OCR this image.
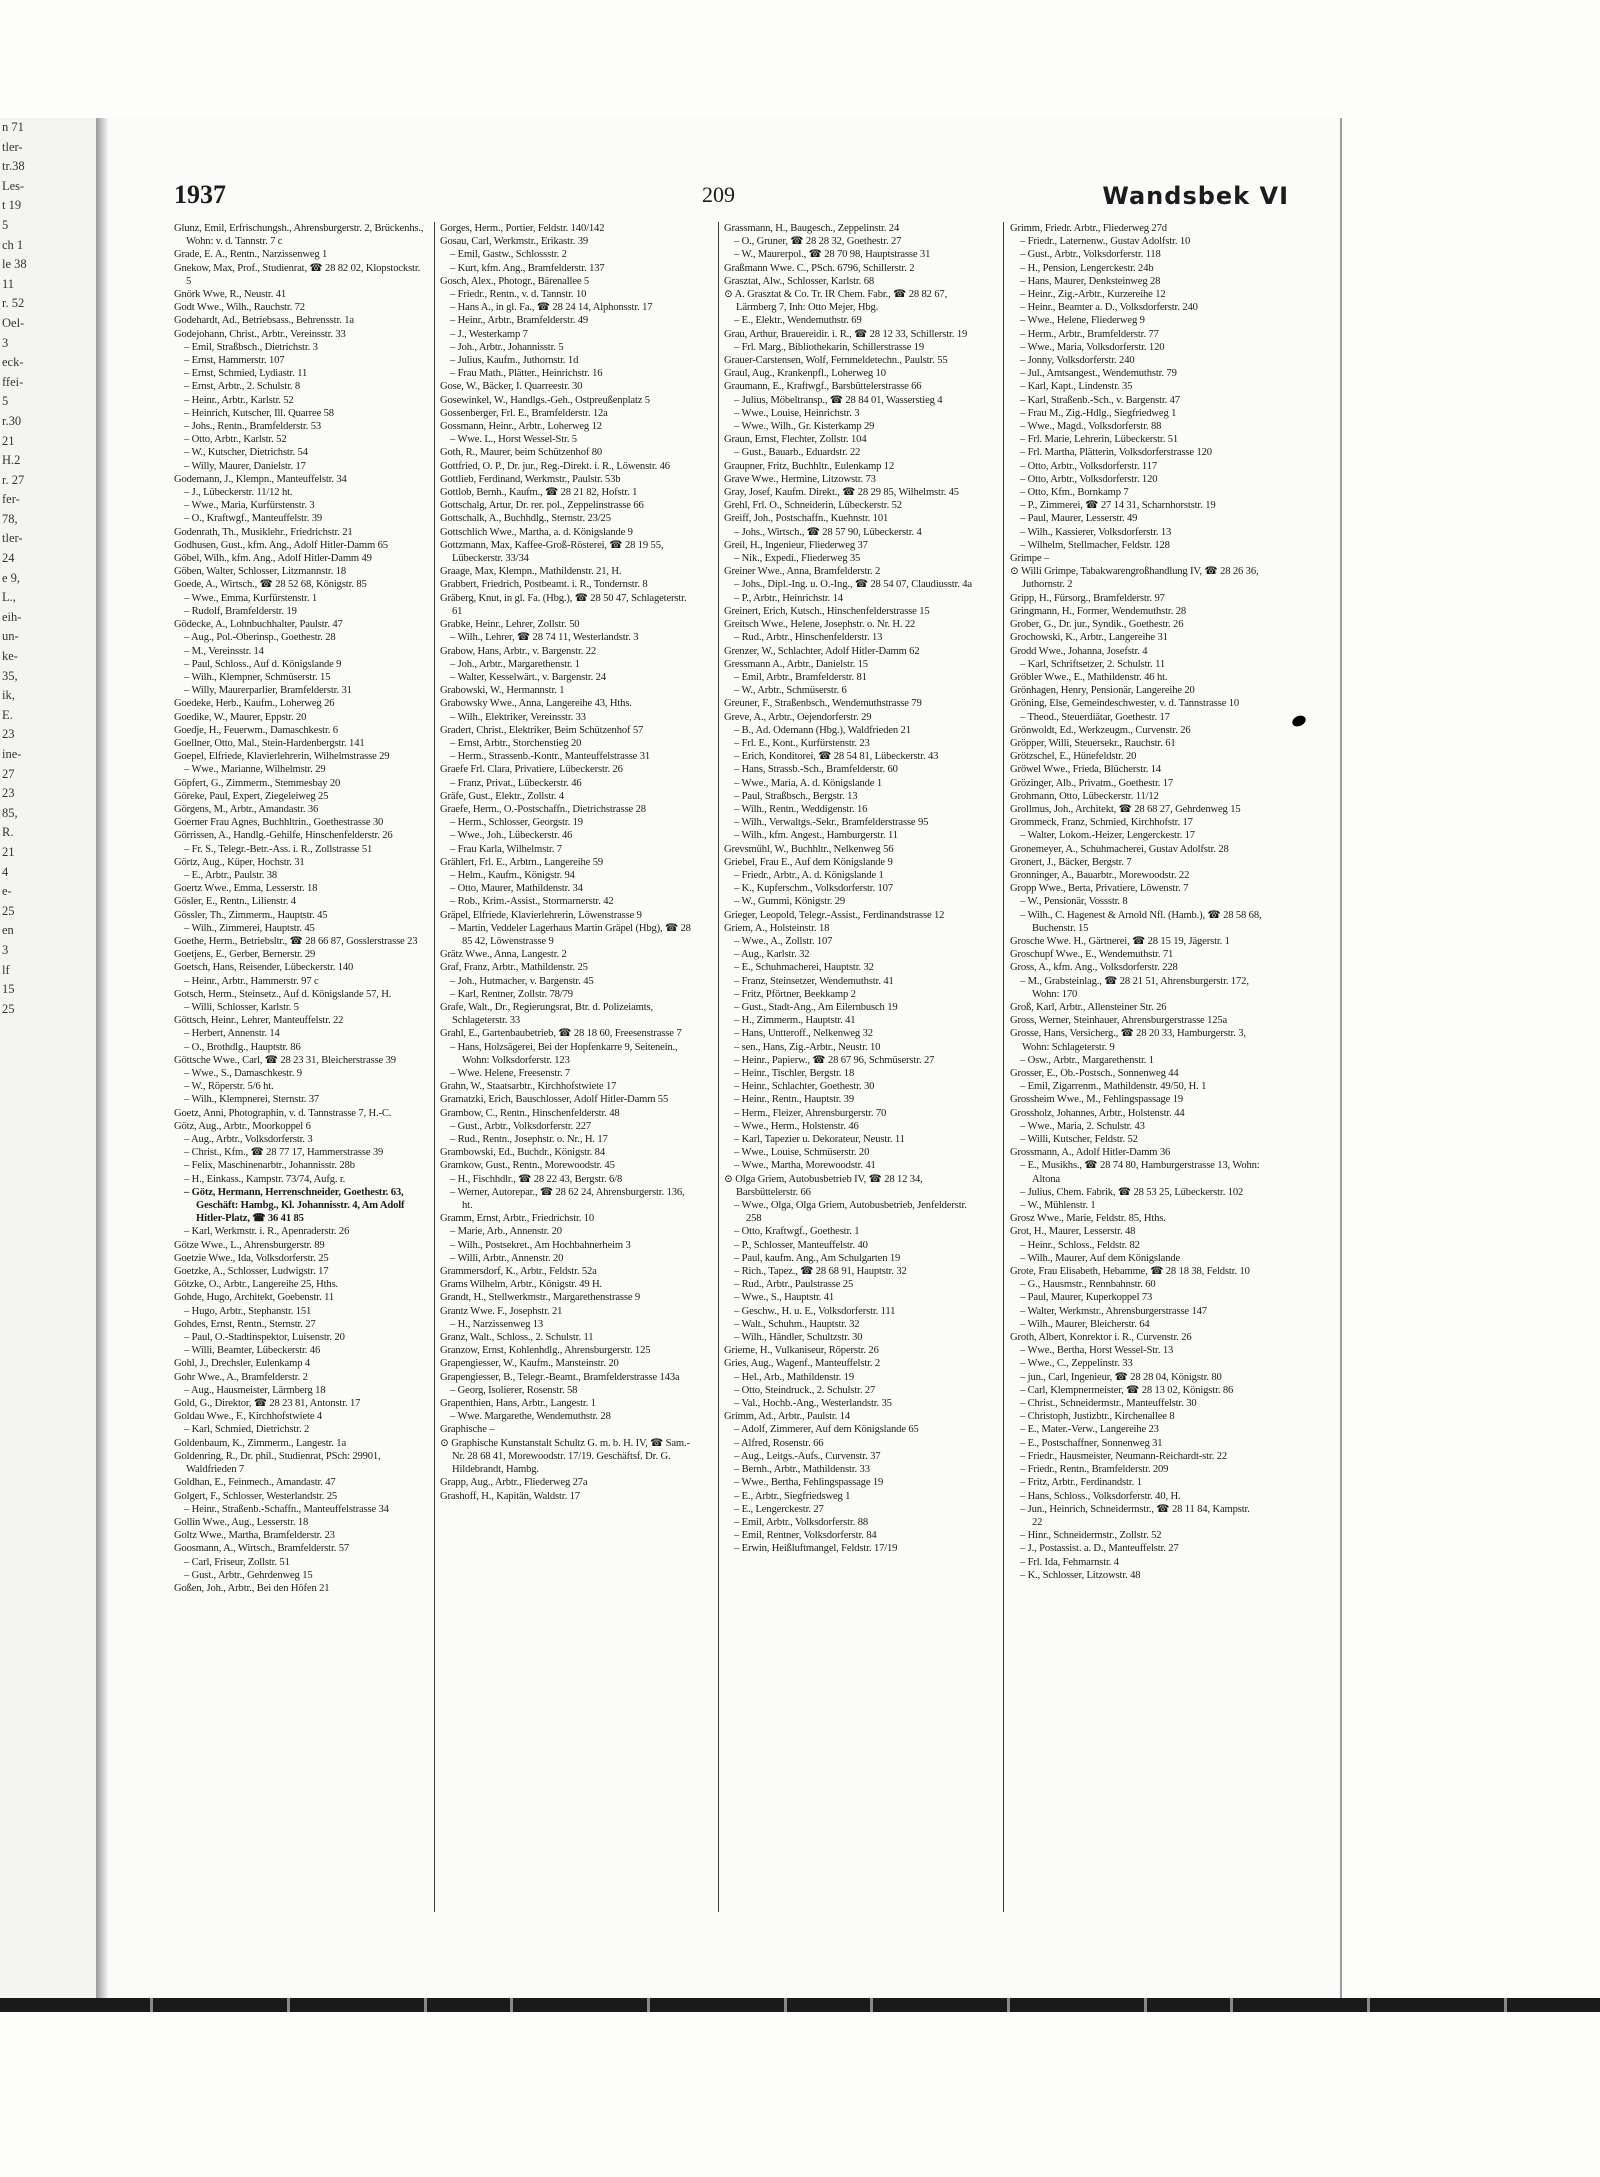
n 71
tler-
tr.38
Les-
t 19
5
ch 1
le 38
11
r. 52
Oel-
3
eck-
ffei-
5
r.30
21
H.2
r. 27
fer-
78,
tler-
24
e 9,
L.,
eih-
un-
ke-
35,
ik,
E.
23
ine-
27
23
85,
R.
21
4
e-
25
en
3
lf
15
25
1937	209	Wandsbek VI

Glunz, Emil, Erfrischungsh., Ahrensburgerstr. 2, Brückenhs., Wohn: v. d. Tannstr. 7 c

Grade, E. A., Rentn., Narzissenweg 1

Gnekow, Max, Prof., Studienrat, ☎ 28 82 02, Klopstockstr. 5

Gnörk Wwe, R., Neustr. 41

Godt Wwe., Wilh., Rauchstr. 72

Godehardt, Ad., Betriebsass., Behrensstr. 1a

Godejohann, Christ., Arbtr., Vereinsstr. 33

– Emil, Straßbsch., Dietrichstr. 3

– Ernst, Hammerstr. 107

– Ernst, Schmied, Lydiastr. 11

– Ernst, Arbtr., 2. Schulstr. 8

– Heinr., Arbtr., Karlstr. 52

– Heinrich, Kutscher, Ill. Quarree 58

– Johs., Rentn., Bramfelderstr. 53

– Otto, Arbtr., Karlstr. 52

– W., Kutscher, Dietrichstr. 54

– Willy, Maurer, Danielstr. 17

Godemann, J., Klempn., Manteuffelstr. 34

– J., Lübeckerstr. 11/12 ht.

– Wwe., Maria, Kurfürstenstr. 3

– O., Kraftwgf., Manteuffelstr. 39

Godenrath, Th., Musiklehr., Friedrichstr. 21

Godhusen, Gust., kfm. Ang., Adolf Hitler-Damm 65

Göbel, Wilh., kfm. Ang., Adolf Hitler-Damm 49

Göben, Walter, Schlosser, Litzmannstr. 18

Goede, A., Wirtsch., ☎ 28 52 68, Königstr. 85

– Wwe., Emma, Kurfürstenstr. 1

– Rudolf, Bramfelderstr. 19

Gödecke, A., Lohnbuchhalter, Paulstr. 47

– Aug., Pol.-Oberinsp., Goethestr. 28

– M., Vereinsstr. 14

– Paul, Schloss., Auf d. Königslande 9

– Wilh., Klempner, Schmüserstr. 15

– Willy, Maurerparlier, Bramfelderstr. 31

Goedeke, Herb., Kaufm., Loherweg 26

Goedike, W., Maurer, Eppstr. 20

Goedje, H., Feuerwm., Damaschkestr. 6

Goellner, Otto, Mal., Stein-Hardenbergstr. 141

Goepel, Elfriede, Klavierlehrerin, Wilhelmstrasse 29

– Wwe., Marianne, Wilhelmstr. 29

Göpfert, G., Zimmerm., Stemmesbay 20

Göreke, Paul, Expert, Ziegeleiweg 25

Görgens, M., Arbtr., Amandastr. 36

Goerner Frau Agnes, Buchhltrin., Goethestrasse 30

Görrissen, A., Handlg.-Gehilfe, Hinschenfelderstr. 26

– Fr. S., Telegr.-Betr.-Ass. i. R., Zollstrasse 51

Görtz, Aug., Küper, Hochstr. 31

– E., Arbtr., Paulstr. 38

Goertz Wwe., Emma, Lesserstr. 18

Gösler, E., Rentn., Lilienstr. 4

Gössler, Th., Zimmerm., Hauptstr. 45

– Wilh., Zimmerei, Hauptstr. 45

Goethe, Herm., Betriebsltr., ☎ 28 66 87, Gosslerstrasse 23

Goetjens, E., Gerber, Bernerstr. 29

Goetsch, Hans, Reisender, Lübeckerstr. 140

– Heinr., Arbtr., Hammerstr. 97 c

Gotsch, Herm., Steinsetz., Auf d. Königslande 57, H.

– Willi, Schlosser, Karlstr. 5

Göttsch, Heinr., Lehrer, Manteuffelstr. 22

– Herbert, Annenstr. 14

– O., Brothdlg., Hauptstr. 86

Göttsche Wwe., Carl, ☎ 28 23 31, Bleicherstrasse 39

– Wwe., S., Damaschkestr. 9

– W., Röperstr. 5/6 ht.

– Wilh., Klempnerei, Sternstr. 37

Goetz, Anni, Photographin, v. d. Tannstrasse 7, H.-C.

Götz, Aug., Arbtr., Moorkoppel 6

– Aug., Arbtr., Volksdorferstr. 3

– Christ., Kfm., ☎ 28 77 17, Hammerstrasse 39

– Felix, Maschinenarbtr., Johannisstr. 28b

– H., Einkass., Kampstr. 73/74, Aufg. r.

– Götz, Hermann, Herrenschneider, Goethestr. 63, Geschäft: Hambg., Kl. Johannisstr. 4, Am Adolf Hitler-Platz, ☎ 36 41 85

– Karl, Werkmstr. i. R., Apenraderstr. 26

Götze Wwe., L., Ahrensburgerstr. 89

Goetzie Wwe., Ida, Volksdorferstr. 25

Goetzke, A., Schlosser, Ludwigstr. 17

Götzke, O., Arbtr., Langereihe 25, Hths.

Gohde, Hugo, Architekt, Goebenstr. 11

– Hugo, Arbtr., Stephanstr. 151

Gohdes, Ernst, Rentn., Sternstr. 27

– Paul, O.-Stadtinspektor, Luisenstr. 20

– Willi, Beamter, Lübeckerstr. 46

Gohl, J., Drechsler, Eulenkamp 4

Gohr Wwe., A., Bramfelderstr. 2

– Aug., Hausmeister, Lärmberg 18

Gold, G., Direktor, ☎ 28 23 81, Antonstr. 17

Goldau Wwe., F., Kirchhofstwiete 4

– Karl, Schmied, Dietrichstr. 2

Goldenbaum, K., Zimmerm., Langestr. 1a

Goldenring, R., Dr. phil., Studienrat, PSch: 29901, Waldfrieden 7

Goldhan, E., Feinmech., Amandastr. 47

Golgert, F., Schlosser, Westerlandstr. 25

– Heinr., Straßenb.-Schaffn., Manteuffelstrasse 34

Gollin Wwe., Aug., Lesserstr. 18

Goltz Wwe., Martha, Bramfelderstr. 23

Goosmann, A., Wirtsch., Bramfelderstr. 57

– Carl, Friseur, Zollstr. 51

– Gust., Arbtr., Gehrdenweg 15

Goßen, Joh., Arbtr., Bei den Höfen 21

Gorges, Herm., Portier, Feldstr. 140/142

Gosau, Carl, Werkmstr., Erikastr. 39

– Emil, Gastw., Schlossstr. 2

– Kurt, kfm. Ang., Bramfelderstr. 137

Gosch, Alex., Photogr., Bärenallee 5

– Friedr., Rentn., v. d. Tannstr. 10

– Hans A., in gl. Fa., ☎ 28 24 14, Alphonsstr. 17

– Heinr., Arbtr., Bramfelderstr. 49

– J., Westerkamp 7

– Joh., Arbtr., Johannisstr. 5

– Julius, Kaufm., Juthornstr. 1d

– Frau Math., Plätter., Heinrichstr. 16

Gose, W., Bäcker, I. Quarreestr. 30

Gosewinkel, W., Handlgs.-Geh., Ostpreußenplatz 5

Gossenberger, Frl. E., Bramfelderstr. 12a

Gossmann, Heinr., Arbtr., Loherweg 12

– Wwe. L., Horst Wessel-Str. 5

Goth, R., Maurer, beim Schützenhof 80

Gottfried, O. P., Dr. jur., Reg.-Direkt. i. R., Löwenstr. 46

Gottlieb, Ferdinand, Werkmstr., Paulstr. 53b

Gottlob, Bernh., Kaufm., ☎ 28 21 82, Hofstr. 1

Gottschalg, Artur, Dr. rer. pol., Zeppelinstrasse 66

Gottschalk, A., Buchhdlg., Sternstr. 23/25

Gottschlich Wwe., Martha, a. d. Königslande 9

Gottzmann, Max, Kaffee-Groß-Rösterei, ☎ 28 19 55, Lübeckerstr. 33/34

Graage, Max, Klempn., Mathildenstr. 21, H.

Grabbert, Friedrich, Postbeamt. i. R., Tondernstr. 8

Gräberg, Knut, in gl. Fa. (Hbg.), ☎ 28 50 47, Schlageterstr. 61

Grabke, Heinr., Lehrer, Zollstr. 50

– Wilh., Lehrer, ☎ 28 74 11, Westerlandstr. 3

Grabow, Hans, Arbtr., v. Bargenstr. 22

– Joh., Arbtr., Margarethenstr. 1

– Walter, Kesselwärt., v. Bargenstr. 24

Grabowski, W., Hermannstr. 1

Grabowsky Wwe., Anna, Langereihe 43, Hths.

– Wilh., Elektriker, Vereinsstr. 33

Gradert, Christ., Elektriker, Beim Schützenhof 57

– Ernst, Arbtr., Storchenstieg 20

– Herm., Strassenb.-Kontr., Manteuffelstrasse 31

Graefe Frl. Clara, Privatiere, Lübeckerstr. 26

– Franz, Privat., Lübeckerstr. 46

Gräfe, Gust., Elektr., Zollstr. 4

Graefe, Herm., O.-Postschaffn., Dietrichstrasse 28

– Herm., Schlosser, Georgstr. 19

– Wwe., Joh., Lübeckerstr. 46

– Frau Karla, Wilhelmstr. 7

Grählert, Frl. E., Arbtrn., Langereihe 59

– Helm., Kaufm., Königstr. 94

– Otto, Maurer, Mathildenstr. 34

– Rob., Krim.-Assist., Stormarnerstr. 42

Gräpel, Elfriede, Klavierlehrerin, Löwenstrasse 9

– Martin, Veddeler Lagerhaus Martin Gräpel (Hbg), ☎ 28 85 42, Löwenstrasse 9

Grätz Wwe., Anna, Langestr. 2

Graf, Franz, Arbtr., Mathildenstr. 25

– Joh., Hutmacher, v. Bargenstr. 45

– Karl, Rentner, Zollstr. 78/79

Grafe, Walt., Dr., Regierungsrat, Btr. d. Polizeiamts, Schlageterstr. 33

Grahl, E., Gartenbaubetrieb, ☎ 28 18 60, Freesenstrasse 7

– Hans, Holzsägerei, Bei der Hopfenkarre 9, Seitenein., Wohn: Volksdorferstr. 123

– Wwe. Helene, Freesenstr. 7

Grahn, W., Staatsarbtr., Kirchhofstwiete 17

Gramatzki, Erich, Bauschlosser, Adolf Hitler-Damm 55

Grambow, C., Rentn., Hinschenfelderstr. 48

– Gust., Arbtr., Volksdorferstr. 227

– Rud., Rentn., Josephstr. o. Nr., H. 17

Grambowski, Ed., Buchdr., Königstr. 84

Gramkow, Gust., Rentn., Morewoodstr. 45

– H., Fischhdlr., ☎ 28 22 43, Bergstr. 6/8

– Werner, Autorepar., ☎ 28 62 24, Ahrensburgerstr. 136, ht.

Gramm, Ernst, Arbtr., Friedrichstr. 10

– Marie, Arb., Annenstr. 20

– Wilh., Postsekret., Am Hochbahnerheim 3

– Willi, Arbtr., Annenstr. 20

Grammersdorf, K., Arbtr., Feldstr. 52a

Grams Wilhelm, Arbtr., Königstr. 49 H.

Grandt, H., Stellwerkmstr., Margarethenstrasse 9

Grantz Wwe. F., Josephstr. 21

– H., Narzissenweg 13

Granz, Walt., Schloss., 2. Schulstr. 11

Granzow, Ernst, Kohlenhdlg., Ahrensburgerstr. 125

Grapengiesser, W., Kaufm., Mansteinstr. 20

Grapengiesser, B., Telegr.-Beamt., Bramfelderstrasse 143a

– Georg, Isolierer, Rosenstr. 58

Grapenthien, Hans, Arbtr., Langestr. 1

– Wwe. Margarethe, Wendemuthstr. 28

Graphische –

⊙ Graphische Kunstanstalt Schultz G. m. b. H. IV, ☎ Sam.-Nr. 28 68 41, Morewoodstr. 17/19. Geschäftsf. Dr. G. Hildebrandt, Hambg.

Grapp, Aug., Arbtr., Fliederweg 27a

Grashoff, H., Kapitän, Waldstr. 17

Grassmann, H., Baugesch., Zeppelinstr. 24

– O., Gruner, ☎ 28 28 32, Goethestr. 27

– W., Maurerpol., ☎ 28 70 98, Hauptstrasse 31

Graßmann Wwe. C., PSch. 6796, Schillerstr. 2

Grasztat, Alw., Schlosser, Karlstr. 68

⊙ A. Grasztat & Co. Tr. IR Chem. Fabr., ☎ 28 82 67, Lärmberg 7, Inh: Otto Mejer, Hbg.

– E., Elektr., Wendemuthstr. 69

Grau, Arthur, Brauereidir. i. R., ☎ 28 12 33, Schillerstr. 19

– Frl. Marg., Bibliothekarin, Schillerstrasse 19

Grauer-Carstensen, Wolf, Fernmeldetechn., Paulstr. 55

Graul, Aug., Krankenpfl., Loherweg 10

Graumann, E., Kraftwgf., Barsbüttelerstrasse 66

– Julius, Möbeltransp., ☎ 28 84 01, Wasserstieg 4

– Wwe., Louise, Heinrichstr. 3

– Wwe., Wilh., Gr. Kisterkamp 29

Graun, Ernst, Flechter, Zollstr. 104

– Gust., Bauarb., Eduardstr. 22

Graupner, Fritz, Buchhltr., Eulenkamp 12

Grave Wwe., Hermine, Litzowstr. 73

Gray, Josef, Kaufm. Direkt., ☎ 28 29 85, Wilhelmstr. 45

Grehl, Frl. O., Schneiderin, Lübeckerstr. 52

Greiff, Joh., Postschaffn., Kuehnstr. 101

– Johs., Wirtsch., ☎ 28 57 90, Lübeckerstr. 4

Greil, H., Ingenieur, Fliederweg 37

– Nik., Expedi., Fliederweg 35

Greiner Wwe., Anna, Bramfelderstr. 2

– Johs., Dipl.-Ing. u. O.-Ing., ☎ 28 54 07, Claudiusstr. 4a

– P., Arbtr., Heinrichstr. 14

Greinert, Erich, Kutsch., Hinschenfelderstrasse 15

Greitsch Wwe., Helene, Josephstr. o. Nr. H. 22

– Rud., Arbtr., Hinschenfelderstr. 13

Grenzer, W., Schlachter, Adolf Hitler-Damm 62

Gressmann A., Arbtr., Danielstr. 15

– Emil, Arbtr., Bramfelderstr. 81

– W., Arbtr., Schmüserstr. 6

Greuner, F., Straßenbsch., Wendemuthstrasse 79

Greve, A., Arbtr., Oejendorferstr. 29

– B., Ad. Odemann (Hbg.), Waldfrieden 21

– Frl. E., Kont., Kurfürstenstr. 23

– Erich, Konditorei, ☎ 28 54 81, Lübeckerstr. 43

– Hans, Strassb.-Sch., Bramfelderstr. 60

– Wwe., Maria, A. d. Königslande 1

– Paul, Straßbsch., Bergstr. 13

– Wilh., Rentn., Weddigenstr. 16

– Wilh., Verwaltgs.-Sekr., Bramfelderstrasse 95

– Wilh., kfm. Angest., Hamburgerstr. 11

Grevsmühl, W., Buchhltr., Nelkenweg 56

Griebel, Frau E., Auf dem Königslande 9

– Friedr., Arbtr., A. d. Königslande 1

– K., Kupferschm., Volksdorferstr. 107

– W., Gummi, Königstr. 29

Grieger, Leopold, Telegr.-Assist., Ferdinandstrasse 12

Griem, A., Holsteinstr. 18

– Wwe., A., Zollstr. 107

– Aug., Karlstr. 32

– E., Schuhmacherei, Hauptstr. 32

– Franz, Steinsetzer, Wendemuthstr. 41

– Fritz, Pförtner, Beekkamp 2

– Gust., Stadt-Ang., Am Eilernbusch 19

– H., Zimmerm., Hauptstr. 41

– Hans, Untteroff., Nelkenweg 32

– sen., Hans, Zig.-Arbtr., Neustr. 10

– Heinr., Papierw., ☎ 28 67 96, Schmüserstr. 27

– Heinr., Tischler, Bergstr. 18

– Heinr., Schlachter, Goethestr. 30

– Heinr., Rentn., Hauptstr. 39

– Herm., Fleizer, Ahrensburgerstr. 70

– Wwe., Herm., Holstenstr. 46

– Karl, Tapezier u. Dekorateur, Neustr. 11

– Wwe., Louise, Schmüserstr. 20

– Wwe., Martha, Morewoodstr. 41

⊙ Olga Griem, Autobusbetrieb IV, ☎ 28 12 34, Barsbüttelerstr. 66

– Wwe., Olga, Olga Griem, Autobusbetrieb, Jenfelderstr. 258

– Otto, Kraftwgf., Goethestr. 1

– P., Schlosser, Manteuffelstr. 40

– Paul, kaufm. Ang., Am Schulgarten 19

– Rich., Tapez., ☎ 28 68 91, Hauptstr. 32

– Rud., Arbtr., Paulstrasse 25

– Wwe., S., Hauptstr. 41

– Geschw., H. u. E., Volksdorferstr. 111

– Walt., Schuhm., Hauptstr. 32

– Wilh., Händler, Schultzstr. 30

Grieme, H., Vulkaniseur, Röperstr. 26

Gries, Aug., Wagenf., Manteuffelstr. 2

– Hel., Arb., Mathildenstr. 19

– Otto, Steindruck., 2. Schulstr. 27

– Val., Hochb.-Ang., Westerlandstr. 35

Grimm, Ad., Arbtr., Paulstr. 14

– Adolf, Zimmerer, Auf dem Königslande 65

– Alfred, Rosenstr. 66

– Aug., Leitgs.-Aufs., Curvenstr. 37

– Bernh., Arbtr., Mathildenstr. 33

– Wwe., Bertha, Fehlingspassage 19

– E., Arbtr., Siegfriedsweg 1

– E., Lengerckestr. 27

– Emil, Arbtr., Volksdorferstr. 88

– Emil, Rentner, Volksdorferstr. 84

– Erwin, Heißluftmangel, Feldstr. 17/19

Grimm, Friedr. Arbtr., Fliederweg 27d

– Friedr., Laternenw., Gustav Adolfstr. 10

– Gust., Arbtr., Volksdorferstr. 118

– H., Pension, Lengerckestr. 24b

– Hans, Maurer, Denksteinweg 28

– Heinr., Zig.-Arbtr., Kurzereihe 12

– Heinr., Beamter a. D., Volksdorferstr. 240

– Wwe., Helene, Fliederweg 9

– Herm., Arbtr., Bramfelderstr. 77

– Wwe., Maria, Volksdorferstr. 120

– Jonny, Volksdorferstr. 240

– Jul., Amtsangest., Wendemuthstr. 79

– Karl, Kapt., Lindenstr. 35

– Karl, Straßenb.-Sch., v. Bargenstr. 47

– Frau M., Zig.-Hdlg., Siegfriedweg 1

– Wwe., Magd., Volksdorferstr. 88

– Frl. Marie, Lehrerin, Lübeckerstr. 51

– Frl. Martha, Plätterin, Volksdorferstrasse 120

– Otto, Arbtr., Volksdorferstr. 117

– Otto, Arbtr., Volksdorferstr. 120

– Otto, Kfm., Bornkamp 7

– P., Zimmerei, ☎ 27 14 31, Scharnhorststr. 19

– Paul, Maurer, Lesserstr. 49

– Wilh., Kassierer, Volksdorferstr. 13

– Wilhelm, Stellmacher, Feldstr. 128

Grimpe –

⊙ Willi Grimpe, Tabakwarengroßhandlung IV, ☎ 28 26 36, Juthornstr. 2

Gripp, H., Fürsorg., Bramfelderstr. 97

Gringmann, H., Former, Wendemuthstr. 28

Grober, G., Dr. jur., Syndik., Goethestr. 26

Grochowski, K., Arbtr., Langereihe 31

Grodd Wwe., Johanna, Josefstr. 4

– Karl, Schriftsetzer, 2. Schulstr. 11

Gröbler Wwe., E., Mathildenstr. 46 ht.

Grönhagen, Henry, Pensionär, Langereihe 20

Gröning, Else, Gemeindeschwester, v. d. Tannstrasse 10

– Theod., Steuerdiätar, Goethestr. 17

Grönwoldt, Ed., Werkzeugm., Curvenstr. 26

Gröpper, Willi, Steuersekr., Rauchstr. 61

Grötzschel, E., Hünefeldstr. 20

Gröwel Wwe., Frieda, Blücherstr. 14

Grözinger, Alb., Privatm., Goethestr. 17

Grohmann, Otto, Lübeckerstr. 11/12

Grollmus, Joh., Architekt, ☎ 28 68 27, Gehrdenweg 15

Grommeck, Franz, Schmied, Kirchhofstr. 17

– Walter, Lokom.-Heizer, Lengerckestr. 17

Gronemeyer, A., Schuhmacherei, Gustav Adolfstr. 28

Gronert, J., Bäcker, Bergstr. 7

Gronninger, A., Bauarbtr., Morewoodstr. 22

Gropp Wwe., Berta, Privatiere, Löwenstr. 7

– W., Pensionär, Vossstr. 8

– Wilh., C. Hagenest & Arnold Nfl. (Hamb.), ☎ 28 58 68, Buchenstr. 15

Grosche Wwe. H., Gärtnerei, ☎ 28 15 19, Jägerstr. 1

Groschupf Wwe., E., Wendemuthstr. 71

Gross, A., kfm. Ang., Volksdorferstr. 228

– M., Grabsteinlag., ☎ 28 21 51, Ahrensburgerstr. 172, Wohn: 170

Groß, Karl, Arbtr., Allensteiner Str. 26

Gross, Werner, Steinhauer, Ahrensburgerstrasse 125a

Grosse, Hans, Versicherg., ☎ 28 20 33, Hamburgerstr. 3, Wohn: Schlageterstr. 9

– Osw., Arbtr., Margarethenstr. 1

Grosser, E., Ob.-Postsch., Sonnenweg 44

– Emil, Zigarrenm., Mathildenstr. 49/50, H. 1

Grossheim Wwe., M., Fehlingspassage 19

Grossholz, Johannes, Arbtr., Holstenstr. 44

– Wwe., Maria, 2. Schulstr. 43

– Willi, Kutscher, Feldstr. 52

Grossmann, A., Adolf Hitler-Damm 36

– E., Musikhs., ☎ 28 74 80, Hamburgerstrasse 13, Wohn: Altona

– Julius, Chem. Fabrik, ☎ 28 53 25, Lübeckerstr. 102

– W., Mühlenstr. 1

Grosz Wwe., Marie, Feldstr. 85, Hths.

Grot, H., Maurer, Lesserstr. 48

– Heinr., Schloss., Feldstr. 82

– Wilh., Maurer, Auf dem Königslande

Grote, Frau Elisabeth, Hebamme, ☎ 28 18 38, Feldstr. 10

– G., Hausmstr., Rennbahnstr. 60

– Paul, Maurer, Kuperkoppel 73

– Walter, Werkmstr., Ahrensburgerstrasse 147

– Wilh., Maurer, Bleicherstr. 64

Groth, Albert, Konrektor i. R., Curvenstr. 26

– Wwe., Bertha, Horst Wessel-Str. 13

– Wwe., C., Zeppelinstr. 33

– jun., Carl, Ingenieur, ☎ 28 28 04, Königstr. 80

– Carl, Klempnermeister, ☎ 28 13 02, Königstr. 86

– Christ., Schneidermstr., Manteuffelstr. 30

– Christoph, Justizbtr., Kirchenallee 8

– E., Mater.-Verw., Langereihe 23

– E., Postschaffner, Sonnenweg 31

– Friedr., Hausmeister, Neumann-Reichardt-str. 22

– Friedr., Rentn., Bramfelderstr. 209

– Fritz, Arbtr., Ferdinandstr. 1

– Hans, Schloss., Volksdorferstr. 40, H.

– Jun., Heinrich, Schneidermstr., ☎ 28 11 84, Kampstr. 22

– Hinr., Schneidermstr., Zollstr. 52

– J., Postassist. a. D., Manteuffelstr. 27

– Frl. Ida, Fehmarnstr. 4

– K., Schlosser, Litzowstr. 48
